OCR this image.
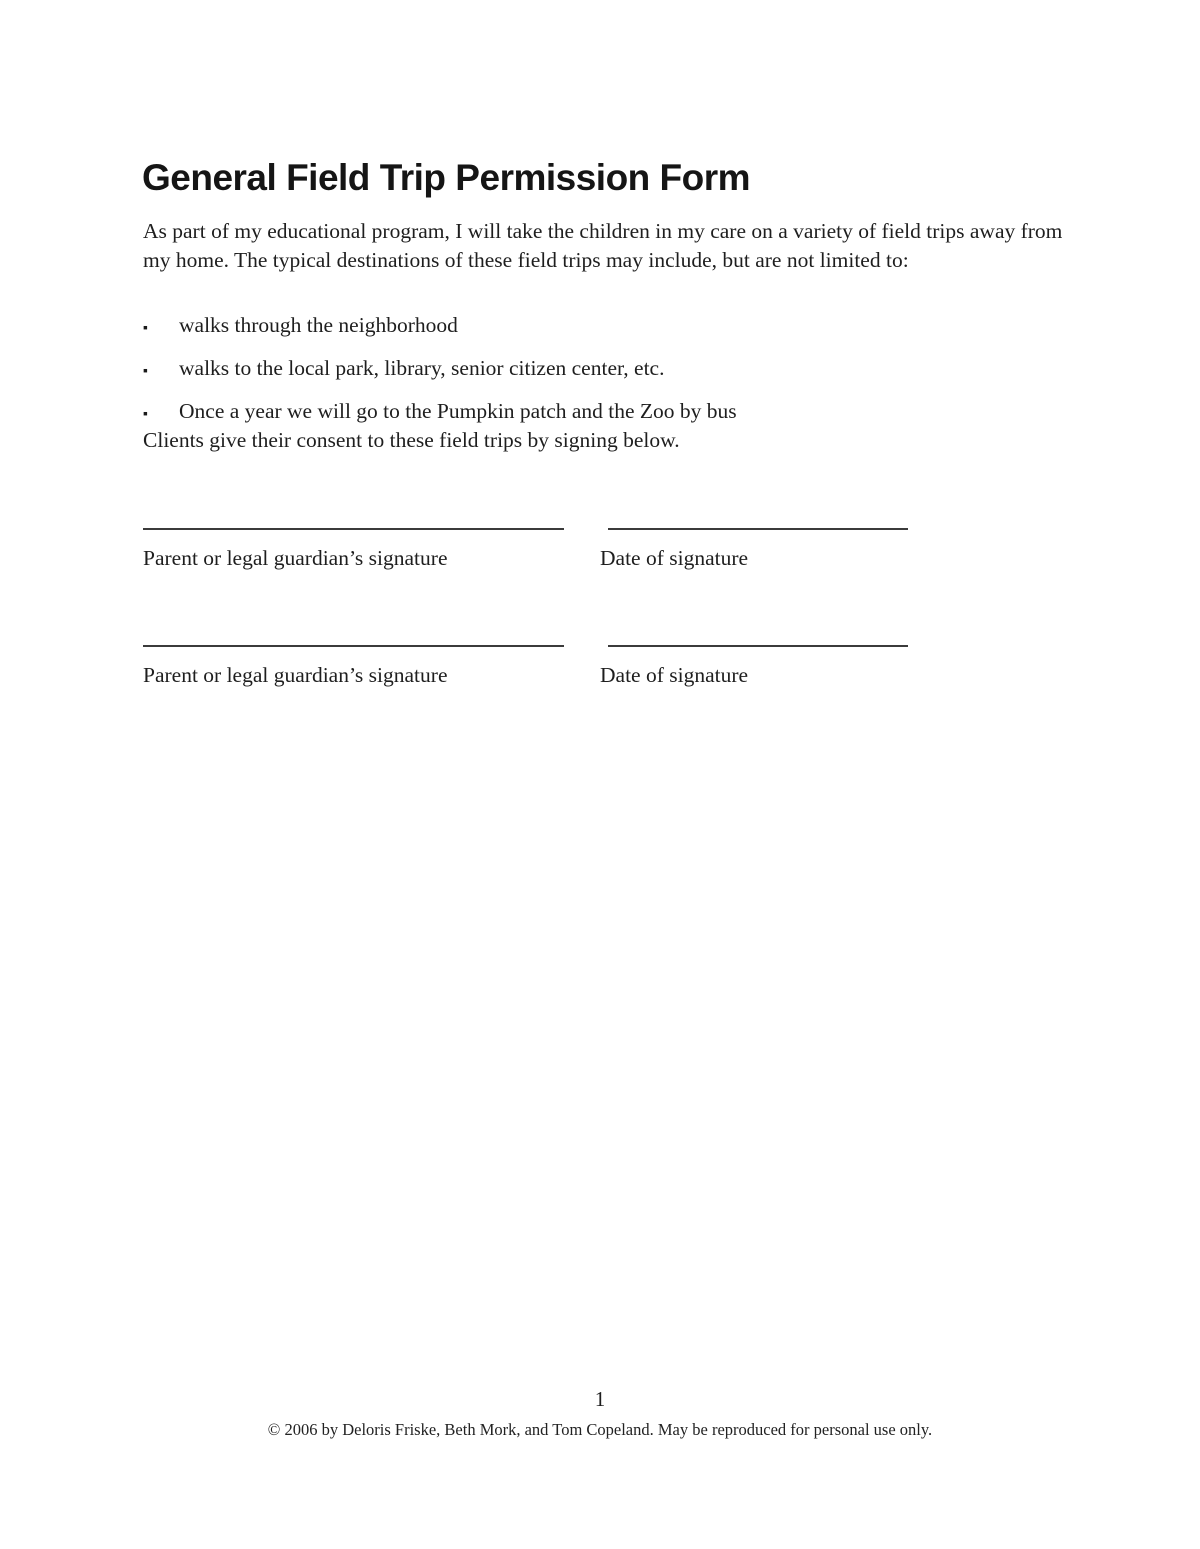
General Field Trip Permission Form

As part of my educational program, I will take the children in my care on a variety of field trips away from my home. The typical destinations of these field trips may include, but are not limited to:

▪	walks through the neighborhood
▪	walks to the local park, library, senior citizen center, etc.
▪	Once a year we will go to the Pumpkin patch and the Zoo by bus

Clients give their consent to these field trips by signing below.

Parent or legal guardian’s signature	Date of signature
Parent or legal guardian’s signature	Date of signature
1
© 2006 by Deloris Friske, Beth Mork, and Tom Copeland. May be reproduced for personal use only.
